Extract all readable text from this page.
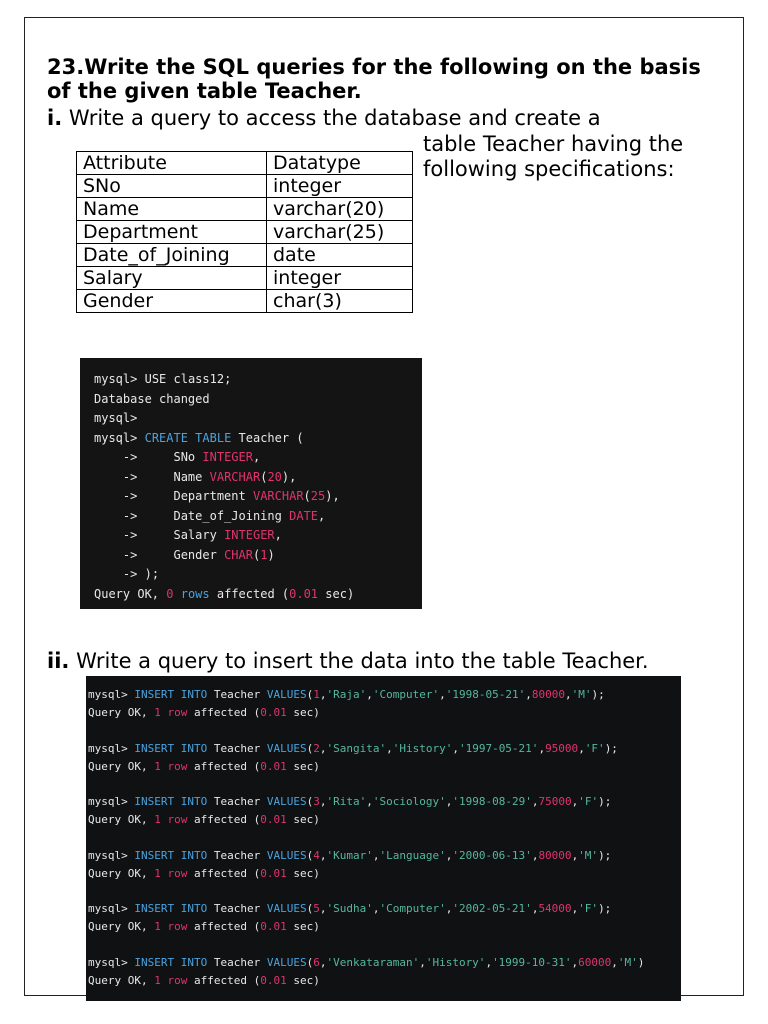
23.Write the SQL queries for the following on the basis of the given table Teacher.
i. Write a query to access the database and create a
table Teacher having the
following specifications:
Attribute	Datatype
SNo	integer
Name	varchar(20)
Department	varchar(25)
Date_of_Joining	date
Salary	integer
Gender	char(3)
mysql> USE class12;
Database changed
mysql>
mysql> CREATE TABLE Teacher (
->	SNo INTEGER,
->	Name VARCHAR(20),
->	Department VARCHAR(25),
->	Date_of_Joining DATE,
->	Salary INTEGER,
->	Gender CHAR(1)
-> );
Query OK, 0 rows affected (0.01 sec)
ii. Write a query to insert the data into the table Teacher.
mysql> INSERT INTO Teacher VALUES(1,'Raja','Computer','1998-05-21',80000,'M');
Query OK, 1 row affected (0.01 sec)
mysql> INSERT INTO Teacher VALUES(2,'Sangita','History','1997-05-21',95000,'F');
Query OK, 1 row affected (0.01 sec)
mysql> INSERT INTO Teacher VALUES(3,'Rita','Sociology','1998-08-29',75000,'F');
Query OK, 1 row affected (0.01 sec)
mysql> INSERT INTO Teacher VALUES(4,'Kumar','Language','2000-06-13',80000,'M');
Query OK, 1 row affected (0.01 sec)
mysql> INSERT INTO Teacher VALUES(5,'Sudha','Computer','2002-05-21',54000,'F');
Query OK, 1 row affected (0.01 sec)
mysql> INSERT INTO Teacher VALUES(6,'Venkataraman','History','1999-10-31',60000,'M')
Query OK, 1 row affected (0.01 sec)
